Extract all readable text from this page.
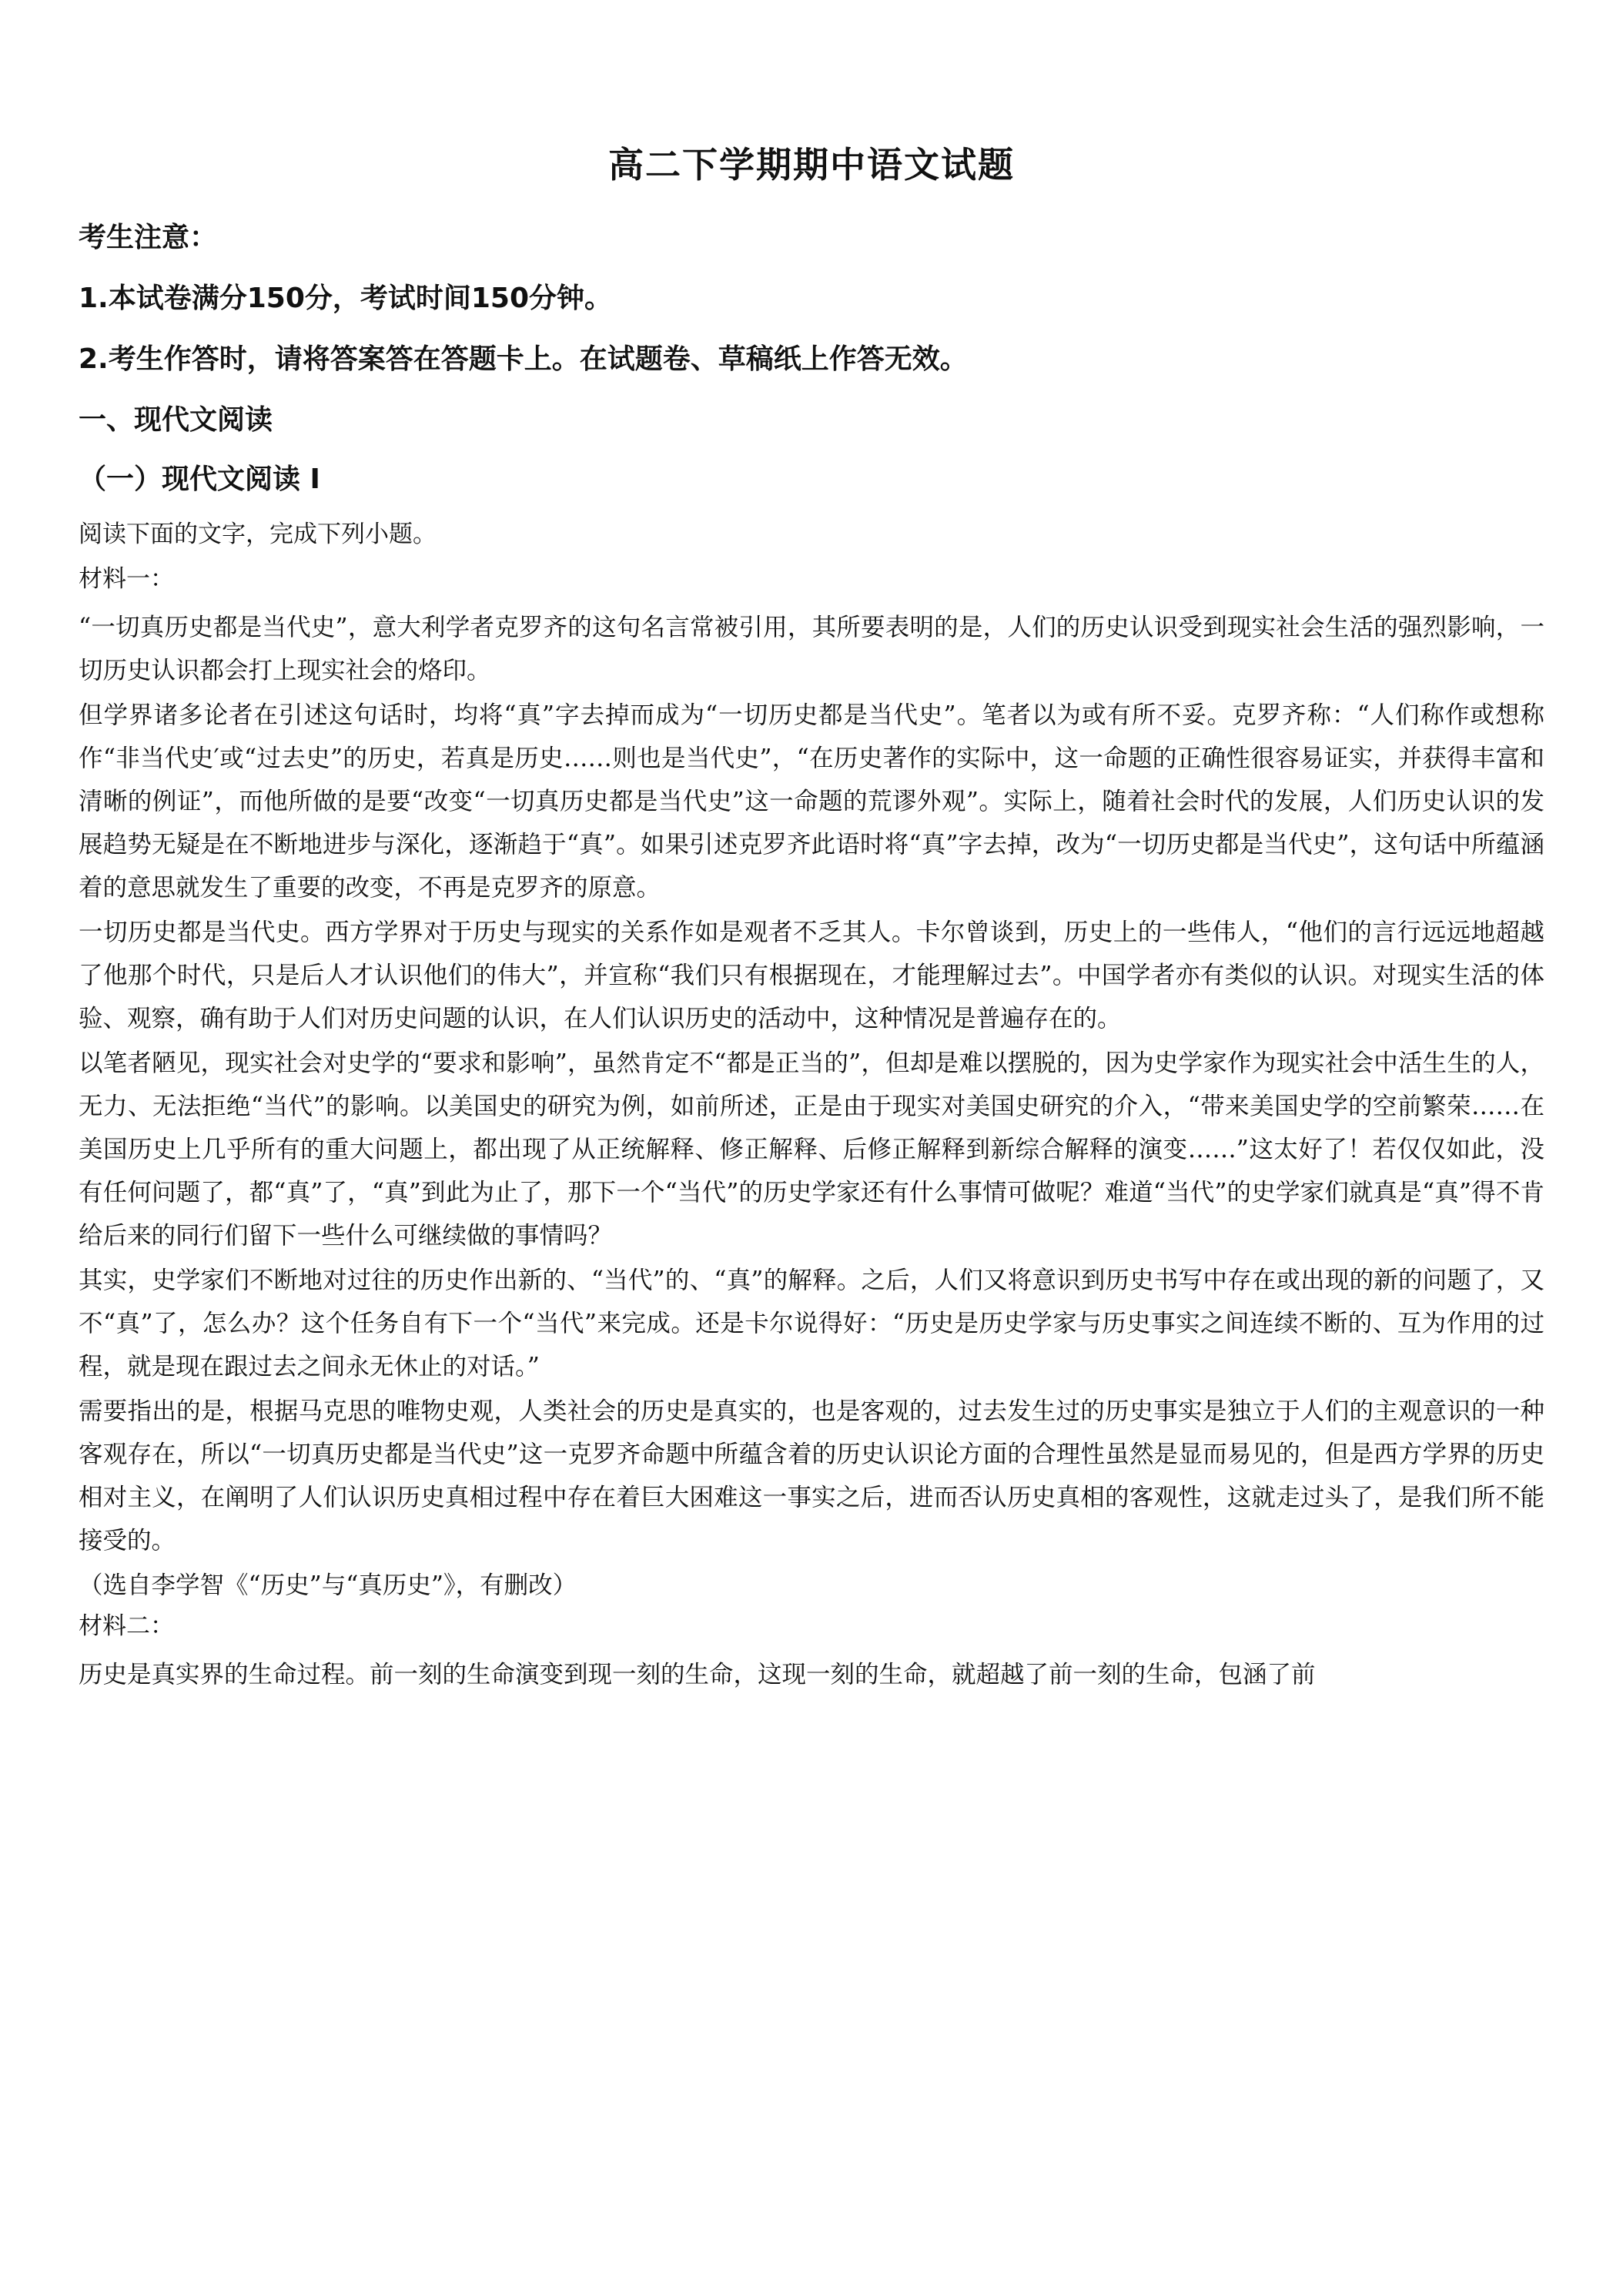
高二下学期期中语文试题

考生注意：

1.本试卷满分150分，考试时间150分钟。

2.考生作答时，请将答案答在答题卡上。在试题卷、草稿纸上作答无效。

一、现代文阅读

（一）现代文阅读 I

阅读下面的文字，完成下列小题。

材料一：

“一切真历史都是当代史”，意大利学者克罗齐的这句名言常被引用，其所要表明的是，人们的历史认识受到现实社会生活的强烈影响，一切历史认识都会打上现实社会的烙印。

但学界诸多论者在引述这句话时，均将“真”字去掉而成为“一切历史都是当代史”。笔者以为或有所不妥。克罗齐称：“人们称作或想称作“非当代史′或“过去史”的历史，若真是历史……则也是当代史”，“在历史著作的实际中，这一命题的正确性很容易证实，并获得丰富和清晰的例证”，而他所做的是要“改变“一切真历史都是当代史”这一命题的荒谬外观”。实际上，随着社会时代的发展，人们历史认识的发展趋势无疑是在不断地进步与深化，逐渐趋于“真”。如果引述克罗齐此语时将“真”字去掉，改为“一切历史都是当代史”，这句话中所蕴涵着的意思就发生了重要的改变，不再是克罗齐的原意。

一切历史都是当代史。西方学界对于历史与现实的关系作如是观者不乏其人。卡尔曾谈到，历史上的一些伟人，“他们的言行远远地超越了他那个时代，只是后人才认识他们的伟大”，并宣称“我们只有根据现在，才能理解过去”。中国学者亦有类似的认识。对现实生活的体验、观察，确有助于人们对历史问题的认识，在人们认识历史的活动中，这种情况是普遍存在的。

以笔者陋见，现实社会对史学的“要求和影响”，虽然肯定不“都是正当的”，但却是难以摆脱的，因为史学家作为现实社会中活生生的人，无力、无法拒绝“当代”的影响。以美国史的研究为例，如前所述，正是由于现实对美国史研究的介入，“带来美国史学的空前繁荣……在美国历史上几乎所有的重大问题上，都出现了从正统解释、修正解释、后修正解释到新综合解释的演变……”这太好了！若仅仅如此，没有任何问题了，都“真”了，“真”到此为止了，那下一个“当代”的历史学家还有什么事情可做呢？难道“当代”的史学家们就真是“真”得不肯给后来的同行们留下一些什么可继续做的事情吗？

其实，史学家们不断地对过往的历史作出新的、“当代”的、“真”的解释。之后，人们又将意识到历史书写中存在或出现的新的问题了，又不“真”了，怎么办？这个任务自有下一个“当代”来完成。还是卡尔说得好：“历史是历史学家与历史事实之间连续不断的、互为作用的过程，就是现在跟过去之间永无休止的对话。”

需要指出的是，根据马克思的唯物史观，人类社会的历史是真实的，也是客观的，过去发生过的历史事实是独立于人们的主观意识的一种客观存在，所以“一切真历史都是当代史”这一克罗齐命题中所蕴含着的历史认识论方面的合理性虽然是显而易见的，但是西方学界的历史相对主义，在阐明了人们认识历史真相过程中存在着巨大困难这一事实之后，进而否认历史真相的客观性，这就走过头了，是我们所不能接受的。

（选自李学智《“历史”与“真历史”》，有删改）

材料二：

历史是真实界的生命过程。前一刻的生命演变到现一刻的生命，这现一刻的生命，就超越了前一刻的生命，包涵了前
